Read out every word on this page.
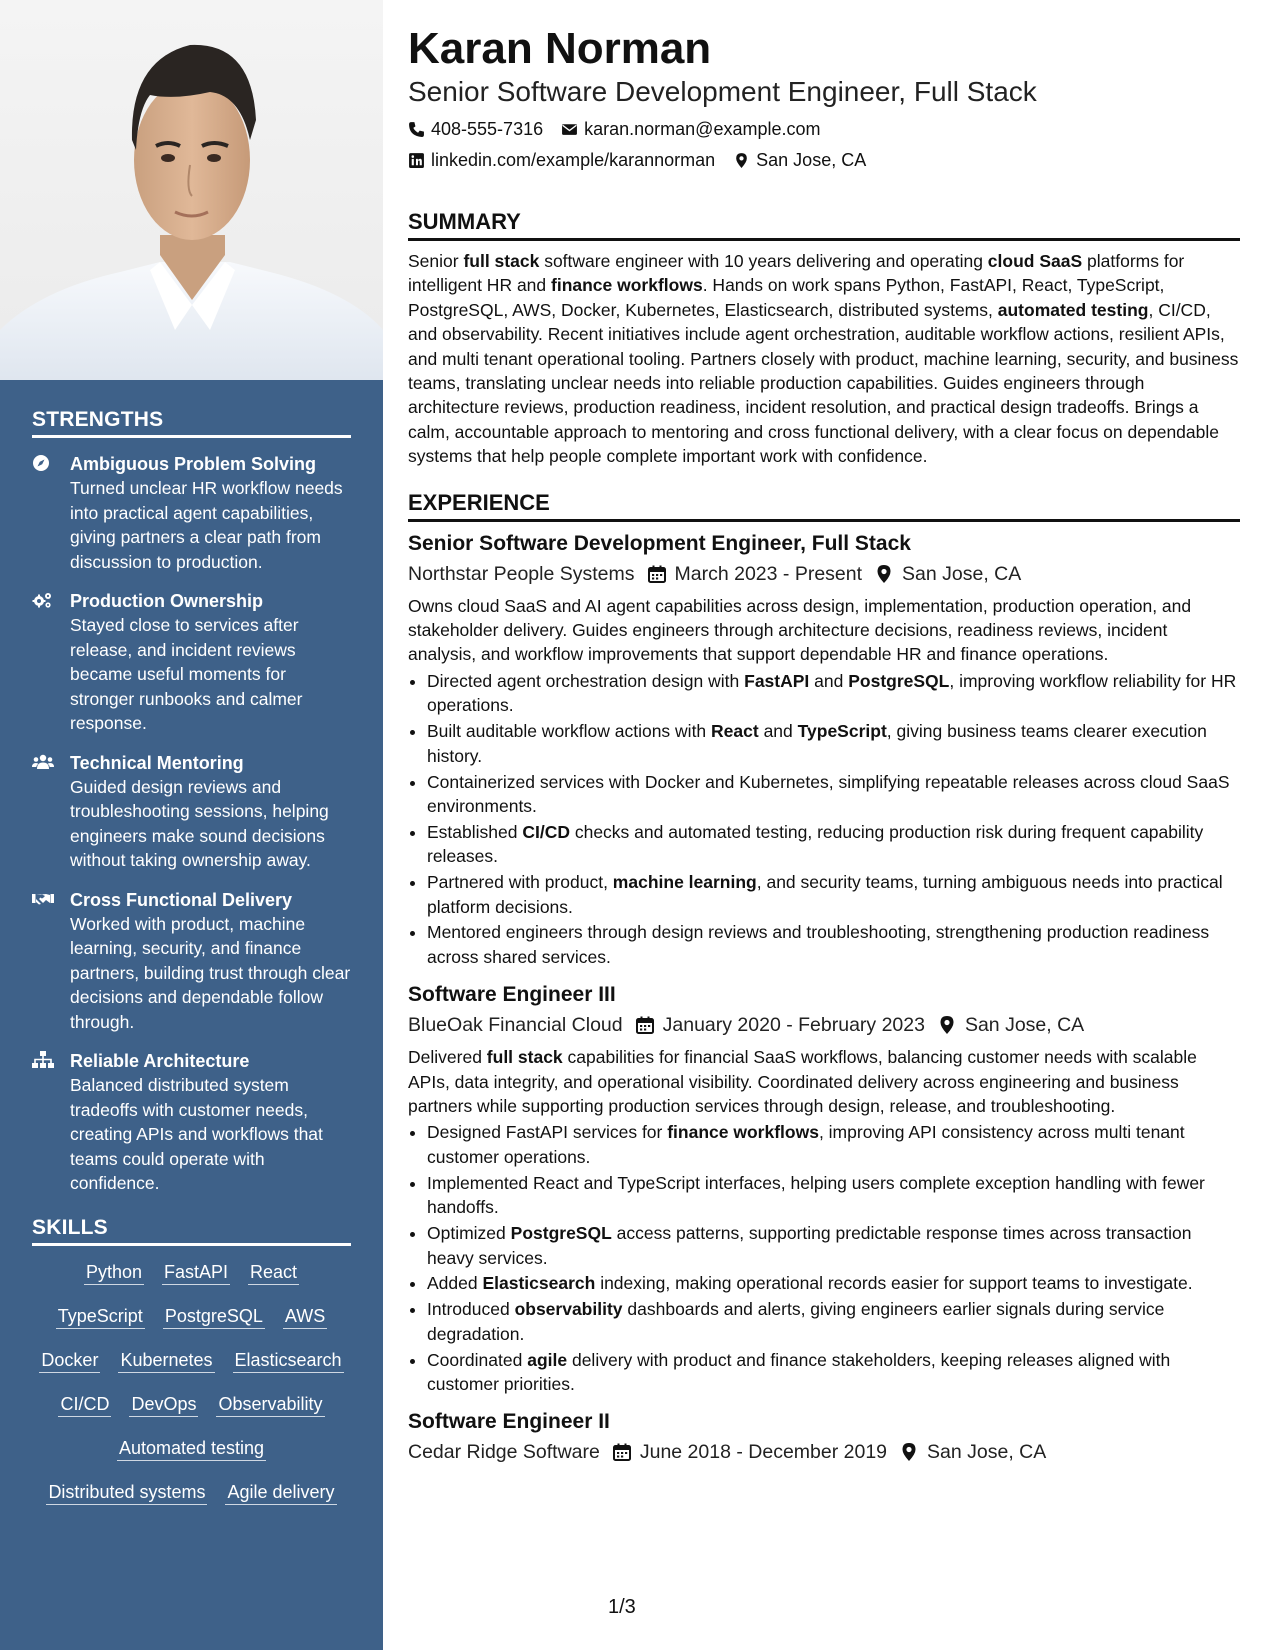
STRENGTHS
Ambiguous Problem Solving
Turned unclear HR workflow needs into practical agent capabilities, giving partners a clear path from discussion to production.
Production Ownership
Stayed close to services after release, and incident reviews became useful moments for stronger runbooks and calmer response.
Technical Mentoring
Guided design reviews and troubleshooting sessions, helping engineers make sound decisions without taking ownership away.
Cross Functional Delivery
Worked with product, machine learning, security, and finance partners, building trust through clear decisions and dependable follow through.
Reliable Architecture
Balanced distributed system tradeoffs with customer needs, creating APIs and workflows that teams could operate with confidence.
SKILLS
Python FastAPI React
TypeScript PostgreSQL AWS
Docker Kubernetes Elasticsearch
CI/CD DevOps Observability
Automated testing
Distributed systems Agile delivery
Karan Norman
Senior Software Development Engineer, Full Stack
408-555-7316 karan.norman@example.com
linkedin.com/example/karannorman San Jose, CA
SUMMARY
Senior full stack software engineer with 10 years delivering and operating cloud SaaS platforms for intelligent HR and finance workflows. Hands on work spans Python, FastAPI, React, TypeScript, PostgreSQL, AWS, Docker, Kubernetes, Elasticsearch, distributed systems, automated testing, CI/CD, and observability. Recent initiatives include agent orchestration, auditable workflow actions, resilient APIs, and multi tenant operational tooling. Partners closely with product, machine learning, security, and business teams, translating unclear needs into reliable production capabilities. Guides engineers through architecture reviews, production readiness, incident resolution, and practical design tradeoffs. Brings a calm, accountable approach to mentoring and cross functional delivery, with a clear focus on dependable systems that help people complete important work with confidence.
EXPERIENCE
Senior Software Development Engineer, Full Stack
Northstar People Systems March 2023 - Present San Jose, CA
Owns cloud SaaS and AI agent capabilities across design, implementation, production operation, and stakeholder delivery. Guides engineers through architecture decisions, readiness reviews, incident analysis, and workflow improvements that support dependable HR and finance operations.
• Directed agent orchestration design with FastAPI and PostgreSQL, improving workflow reliability for HR operations.
• Built auditable workflow actions with React and TypeScript, giving business teams clearer execution history.
• Containerized services with Docker and Kubernetes, simplifying repeatable releases across cloud SaaS environments.
• Established CI/CD checks and automated testing, reducing production risk during frequent capability releases.
• Partnered with product, machine learning, and security teams, turning ambiguous needs into practical platform decisions.
• Mentored engineers through design reviews and troubleshooting, strengthening production readiness across shared services.
Software Engineer III
BlueOak Financial Cloud January 2020 - February 2023 San Jose, CA
Delivered full stack capabilities for financial SaaS workflows, balancing customer needs with scalable APIs, data integrity, and operational visibility. Coordinated delivery across engineering and business partners while supporting production services through design, release, and troubleshooting.
• Designed FastAPI services for finance workflows, improving API consistency across multi tenant customer operations.
• Implemented React and TypeScript interfaces, helping users complete exception handling with fewer handoffs.
• Optimized PostgreSQL access patterns, supporting predictable response times across transaction heavy services.
• Added Elasticsearch indexing, making operational records easier for support teams to investigate.
• Introduced observability dashboards and alerts, giving engineers earlier signals during service degradation.
• Coordinated agile delivery with product and finance stakeholders, keeping releases aligned with customer priorities.
Software Engineer II
Cedar Ridge Software June 2018 - December 2019 San Jose, CA
1/3
